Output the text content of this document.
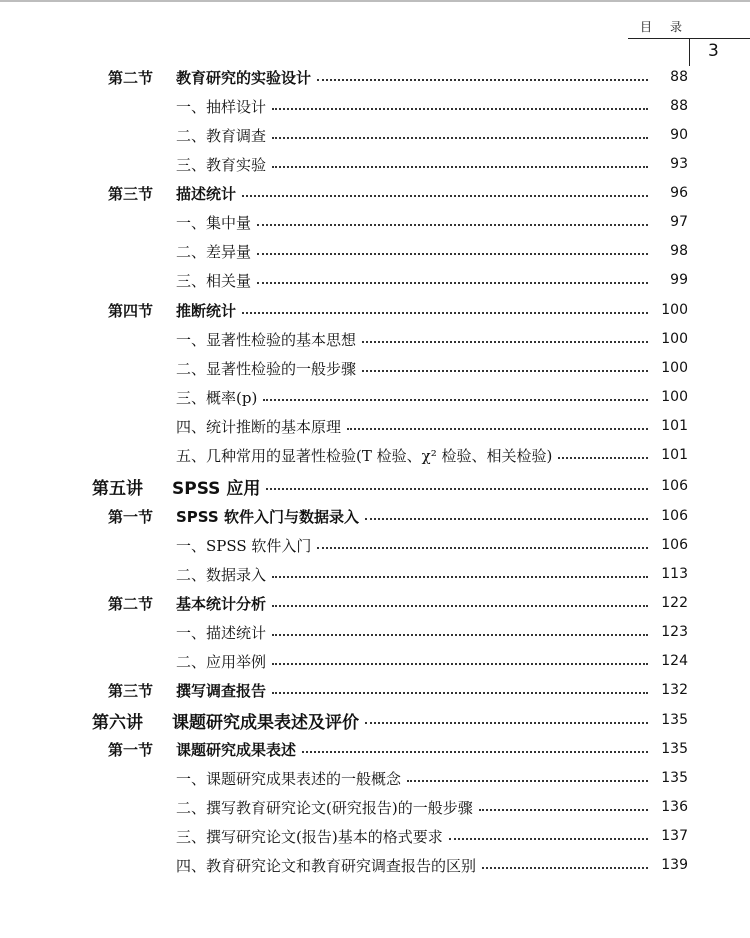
目录
3
第二节 教育研究的实验设计	88
一、抽样设计	88
二、教育调查	90
三、教育实验	93
第三节 描述统计	96
一、集中量	97
二、差异量	98
三、相关量	99
第四节 推断统计	100
一、显著性检验的基本思想	100
二、显著性检验的一般步骤	100
三、概率(p)	100
四、统计推断的基本原理	101
五、几种常用的显著性检验(T 检验、χ² 检验、相关检验)	101
第五讲 SPSS 应用	106
第一节 SPSS 软件入门与数据录入	106
一、SPSS 软件入门	106
二、数据录入	113
第二节 基本统计分析	122
一、描述统计	123
二、应用举例	124
第三节 撰写调查报告	132
第六讲 课题研究成果表述及评价	135
第一节 课题研究成果表述	135
一、课题研究成果表述的一般概念	135
二、撰写教育研究论文(研究报告)的一般步骤	136
三、撰写研究论文(报告)基本的格式要求	137
四、教育研究论文和教育研究调查报告的区别	139
